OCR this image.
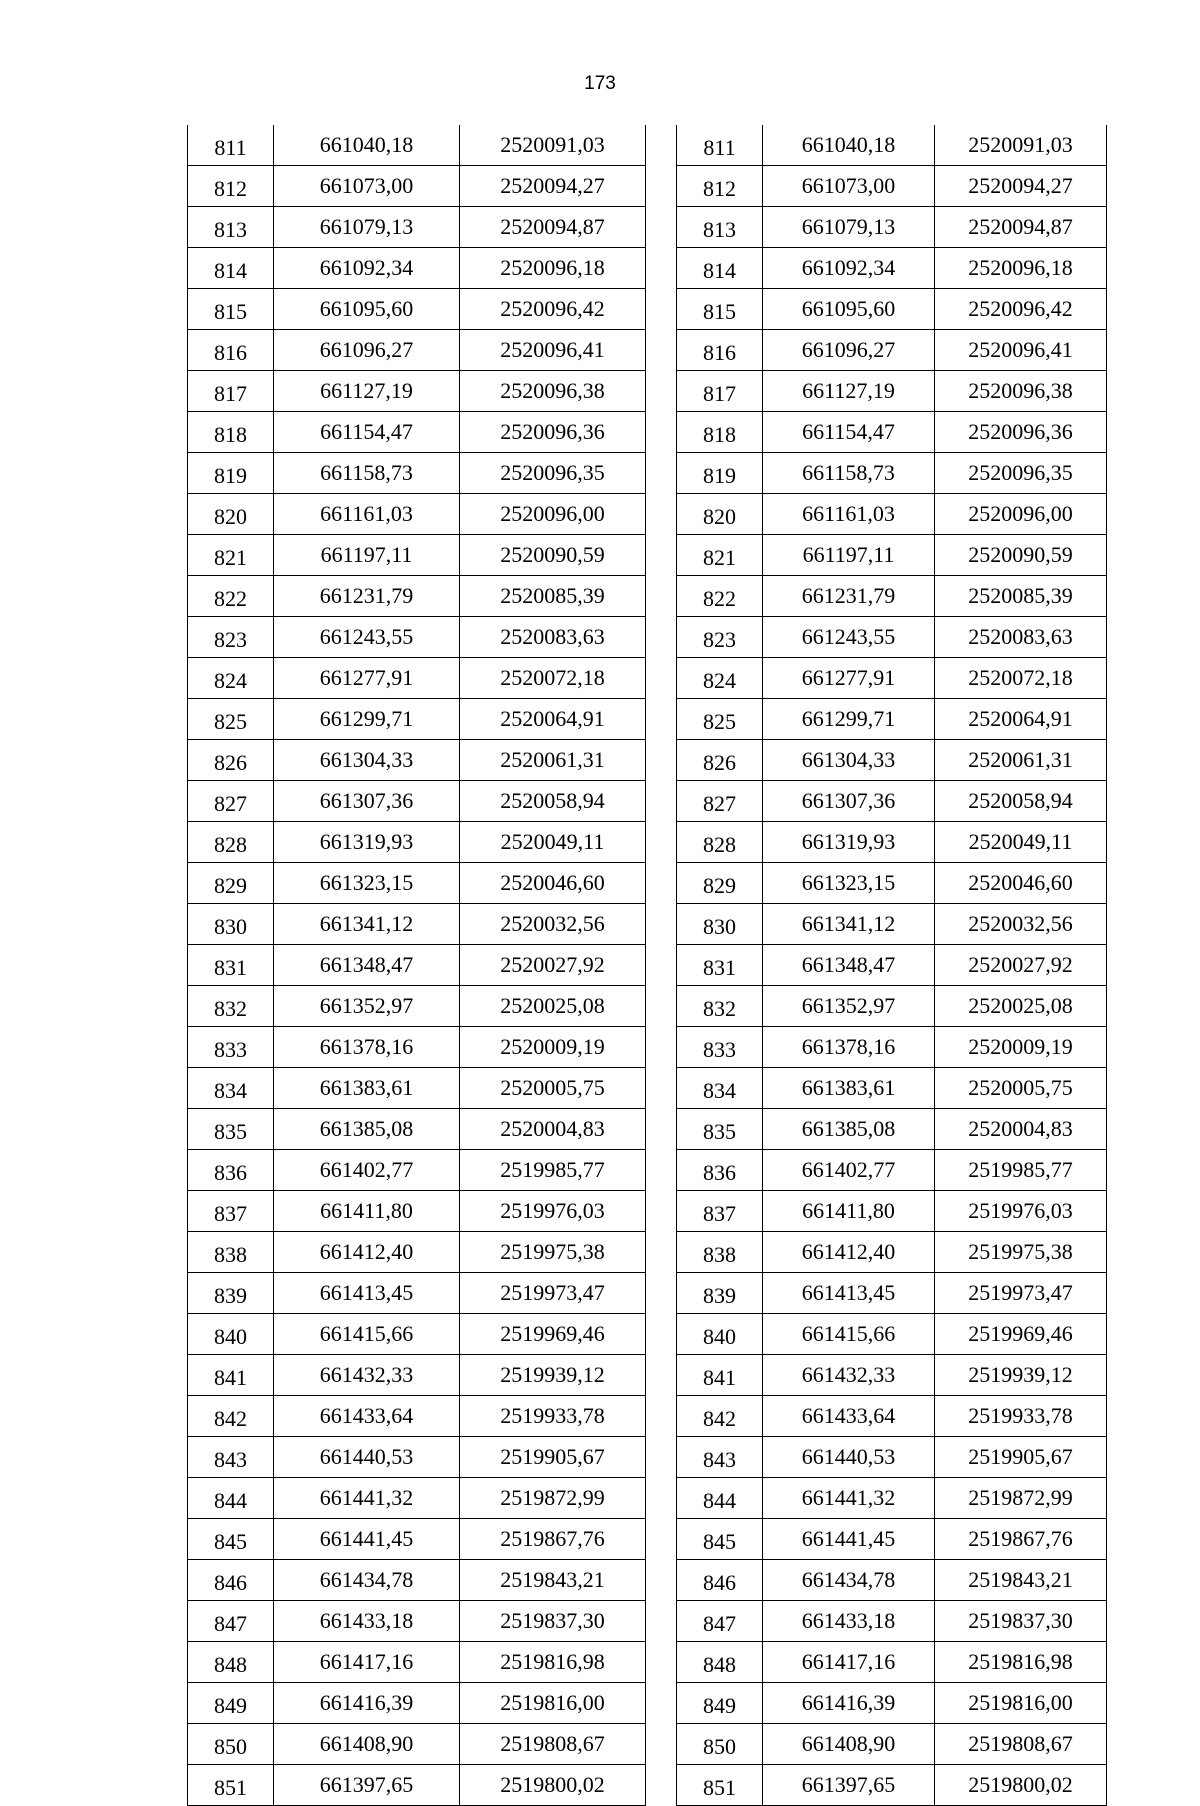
173
811	661040,18	2520091,03
812	661073,00	2520094,27
813	661079,13	2520094,87
814	661092,34	2520096,18
815	661095,60	2520096,42
816	661096,27	2520096,41
817	661127,19	2520096,38
818	661154,47	2520096,36
819	661158,73	2520096,35
820	661161,03	2520096,00
821	661197,11	2520090,59
822	661231,79	2520085,39
823	661243,55	2520083,63
824	661277,91	2520072,18
825	661299,71	2520064,91
826	661304,33	2520061,31
827	661307,36	2520058,94
828	661319,93	2520049,11
829	661323,15	2520046,60
830	661341,12	2520032,56
831	661348,47	2520027,92
832	661352,97	2520025,08
833	661378,16	2520009,19
834	661383,61	2520005,75
835	661385,08	2520004,83
836	661402,77	2519985,77
837	661411,80	2519976,03
838	661412,40	2519975,38
839	661413,45	2519973,47
840	661415,66	2519969,46
841	661432,33	2519939,12
842	661433,64	2519933,78
843	661440,53	2519905,67
844	661441,32	2519872,99
845	661441,45	2519867,76
846	661434,78	2519843,21
847	661433,18	2519837,30
848	661417,16	2519816,98
849	661416,39	2519816,00
850	661408,90	2519808,67
851	661397,65	2519800,02
811	661040,18	2520091,03
812	661073,00	2520094,27
813	661079,13	2520094,87
814	661092,34	2520096,18
815	661095,60	2520096,42
816	661096,27	2520096,41
817	661127,19	2520096,38
818	661154,47	2520096,36
819	661158,73	2520096,35
820	661161,03	2520096,00
821	661197,11	2520090,59
822	661231,79	2520085,39
823	661243,55	2520083,63
824	661277,91	2520072,18
825	661299,71	2520064,91
826	661304,33	2520061,31
827	661307,36	2520058,94
828	661319,93	2520049,11
829	661323,15	2520046,60
830	661341,12	2520032,56
831	661348,47	2520027,92
832	661352,97	2520025,08
833	661378,16	2520009,19
834	661383,61	2520005,75
835	661385,08	2520004,83
836	661402,77	2519985,77
837	661411,80	2519976,03
838	661412,40	2519975,38
839	661413,45	2519973,47
840	661415,66	2519969,46
841	661432,33	2519939,12
842	661433,64	2519933,78
843	661440,53	2519905,67
844	661441,32	2519872,99
845	661441,45	2519867,76
846	661434,78	2519843,21
847	661433,18	2519837,30
848	661417,16	2519816,98
849	661416,39	2519816,00
850	661408,90	2519808,67
851	661397,65	2519800,02
